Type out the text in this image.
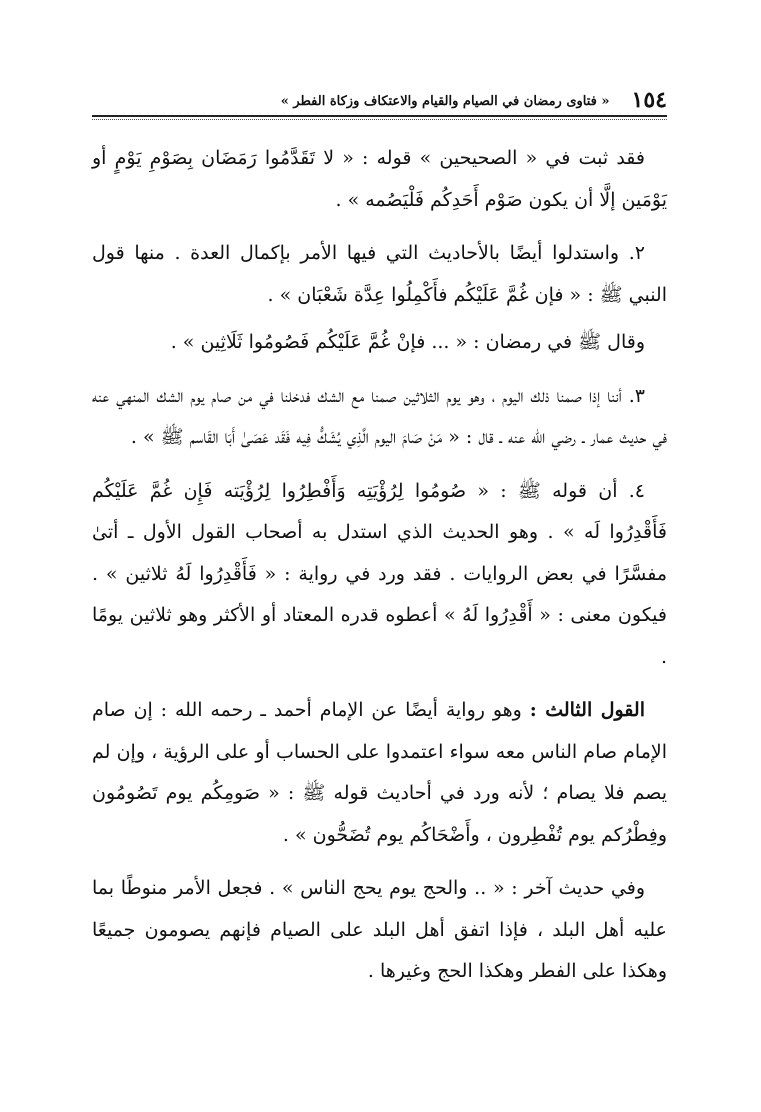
١٥٤
« فتاوى رمضان في الصيام والقيام والاعتكاف وزكاة الفطر »

فقد ثبت في « الصحيحين » قوله : « لا تَقَدَّمُوا رَمَضَان بِصَوْمِ يَوْمٍ أو يَوْمَين إلَّا أن يكون صَوْم أَحَدِكُم فَلْيَصُمه » .

٢. واستدلوا أيضًا بالأحاديث التي فيها الأمر بإكمال العدة . منها قول النبي ﷺ : « فإن غُمَّ عَلَيْكُم فأَكْمِلُوا عِدَّة شَعْبَان » .

وقال ﷺ في رمضان : « ... فإنْ غُمَّ عَلَيْكُم فَصُومُوا ثَلَاثِين » .

٣. أننا إذا صمنا ذلك اليوم ، وهو يوم الثلاثين صمنا مع الشك فدخلنا في من صام يوم الشك المنهي عنه في حديث عمار ـ رضي الله عنه ـ قال : « مَنْ صَامَ اليوم الَّذِي يُشَكُّ فِيه فَقَد عَصَىٰ أَبَا القَاسم ﷺ » .

٤. أن قوله ﷺ : « صُومُوا لِرُؤْيَتِه وَأَفْطِرُوا لِرُؤْيَته فَإِن غُمَّ عَلَيْكُم فَأَقْدِرُوا لَه » . وهو الحديث الذي استدل به أصحاب القول الأول ـ أتىٰ مفسَّرًا في بعض الروايات . فقد ورد في رواية : « فَأَقْدِرُوا لَهُ ثلاثين » . فيكون معنى : « أَقْدِرُوا لَهُ » أعطوه قدره المعتاد أو الأكثر وهو ثلاثين يومًا .

القول الثالث : وهو رواية أيضًا عن الإمام أحمد ـ رحمه الله : إن صام الإمام صام الناس معه سواء اعتمدوا على الحساب أو على الرؤية ، وإن لم يصم فلا يصام ؛ لأنه ورد في أحاديث قوله ﷺ : « صَومِكُم يوم تَصُومُون وفِطْرُكم يوم تُفْطِرون ، وأَضْحَاكُم يوم تُضَحُّون » .

وفي حديث آخر : « .. والحج يوم يحج الناس » . فجعل الأمر منوطًا بما عليه أهل البلد ، فإذا اتفق أهل البلد على الصيام فإنهم يصومون جميعًا وهكذا على الفطر وهكذا الحج وغيرها .
